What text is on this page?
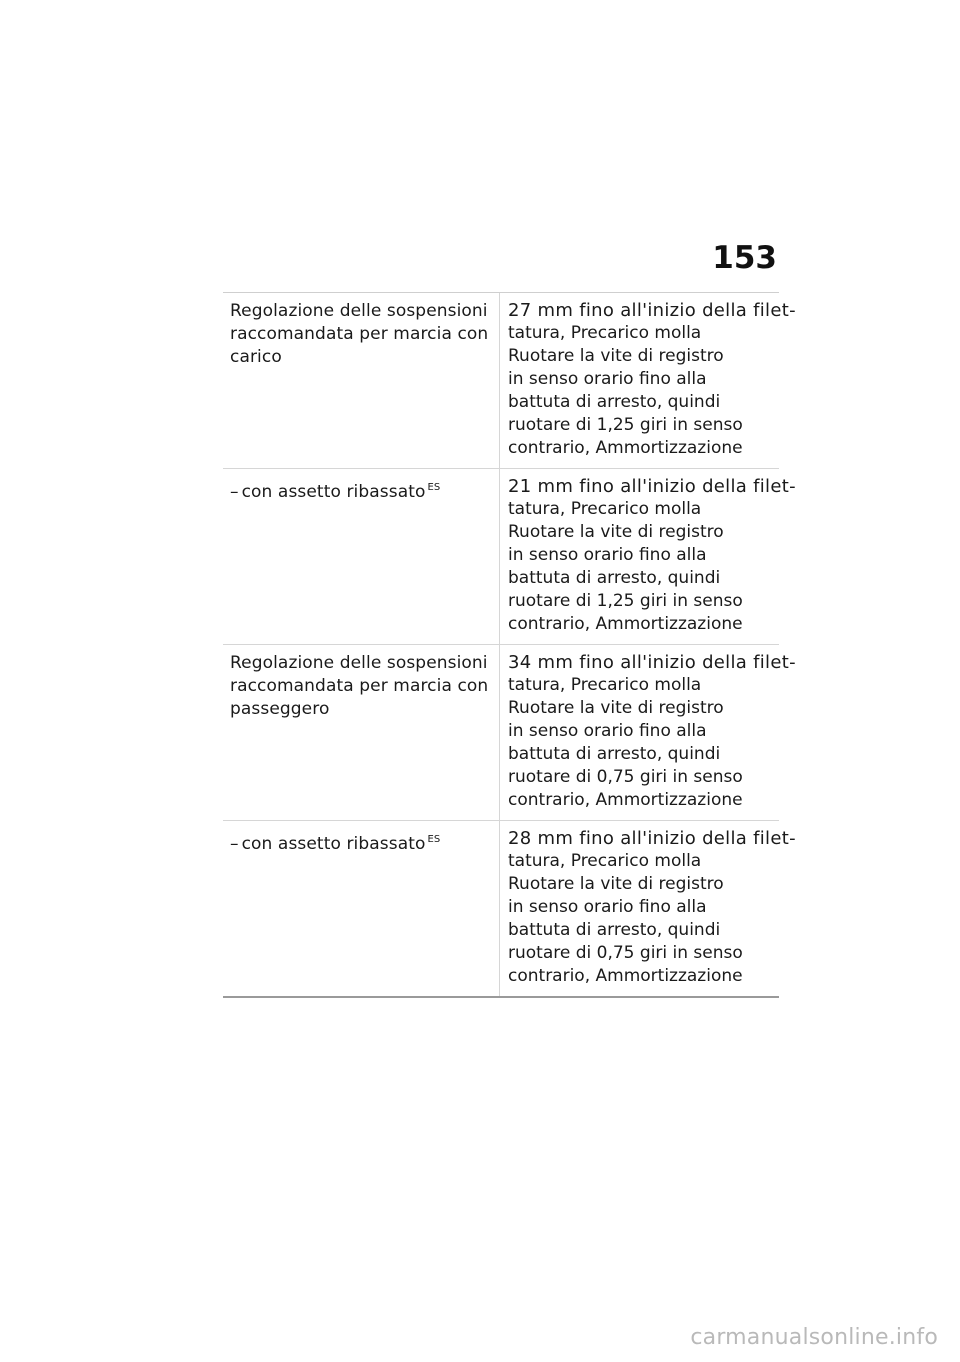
153
Regolazione delle sospensioni
raccomandata per marcia con
carico
27 mm fino all'inizio della filet-
tatura, Precarico molla
Ruotare la vite di registro
in senso orario fino alla
battuta di arresto, quindi
ruotare di 1,25 giri in senso
contrario, Ammortizzazione
– con assetto ribassato $^{ES}$	21 mm fino all'inizio della filet-
tatura, Precarico molla
Ruotare la vite di registro
in senso orario fino alla
battuta di arresto, quindi
ruotare di 1,25 giri in senso
contrario, Ammortizzazione
Regolazione delle sospensioni
raccomandata per marcia con
passeggero
34 mm fino all'inizio della filet-
tatura, Precarico molla
Ruotare la vite di registro
in senso orario fino alla
battuta di arresto, quindi
ruotare di 0,75 giri in senso
contrario, Ammortizzazione
– con assetto ribassato $^{ES}$	28 mm fino all'inizio della filet-
tatura, Precarico molla
Ruotare la vite di registro
in senso orario fino alla
battuta di arresto, quindi
ruotare di 0,75 giri in senso
contrario, Ammortizzazione
carmanualsonline.info
